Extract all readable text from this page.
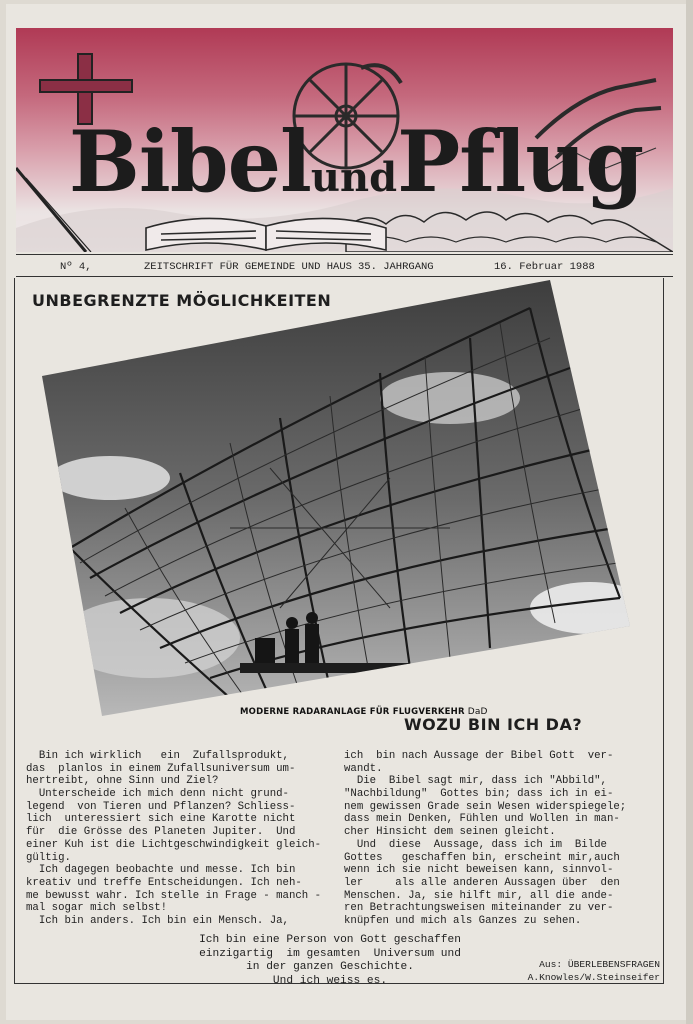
BibelundPflug
Nº 4,	ZEITSCHRIFT FÜR GEMEINDE UND HAUS 35. JAHRGANG	16. Februar 1988
UNBEGRENZTE MÖGLICHKEITEN
MODERNE RADARANLAGE FÜR FLUGVERKEHR DaD
WOZU BIN ICH DA?
Bin ich wirklich   ein  Zufallsprodukt,
das  planlos in einem Zufallsuniversum um-
hertreibt, ohne Sinn und Ziel?
Unterscheide ich mich denn nicht grund-
legend  von Tieren und Pflanzen? Schliess-
lich  unteressiert sich eine Karotte nicht
für  die Grösse des Planeten Jupiter.  Und
einer Kuh ist die Lichtgeschwindigkeit gleich-
gültig.
Ich dagegen beobachte und messe. Ich bin
kreativ und treffe Entscheidungen. Ich neh-
me bewusst wahr. Ich stelle in Frage - manch -
mal sogar mich selbst!
Ich bin anders. Ich bin ein Mensch. Ja,
ich  bin nach Aussage der Bibel Gott  ver-
wandt.
Die  Bibel sagt mir, dass ich "Abbild",
"Nachbildung"  Gottes bin; dass ich in ei-
nem gewissen Grade sein Wesen widerspiegele;
dass mein Denken, Fühlen und Wollen in man-
cher Hinsicht dem seinen gleicht.
Und  diese  Aussage, dass ich im  Bilde
Gottes   geschaffen bin, erscheint mir,auch
wenn ich sie nicht beweisen kann, sinnvol-
ler     als alle anderen Aussagen über  den
Menschen. Ja, sie hilft mir, all die ande-
ren Betrachtungsweisen miteinander zu ver-
knüpfen und mich als Ganzes zu sehen.
Ich bin eine Person von Gott geschaffen
einzigartig  im gesamten  Universum und
in der ganzen Geschichte.
Und ich weiss es.
Aus: ÜBERLEBENSFRAGEN
A.Knowles/W.Steinseifer
